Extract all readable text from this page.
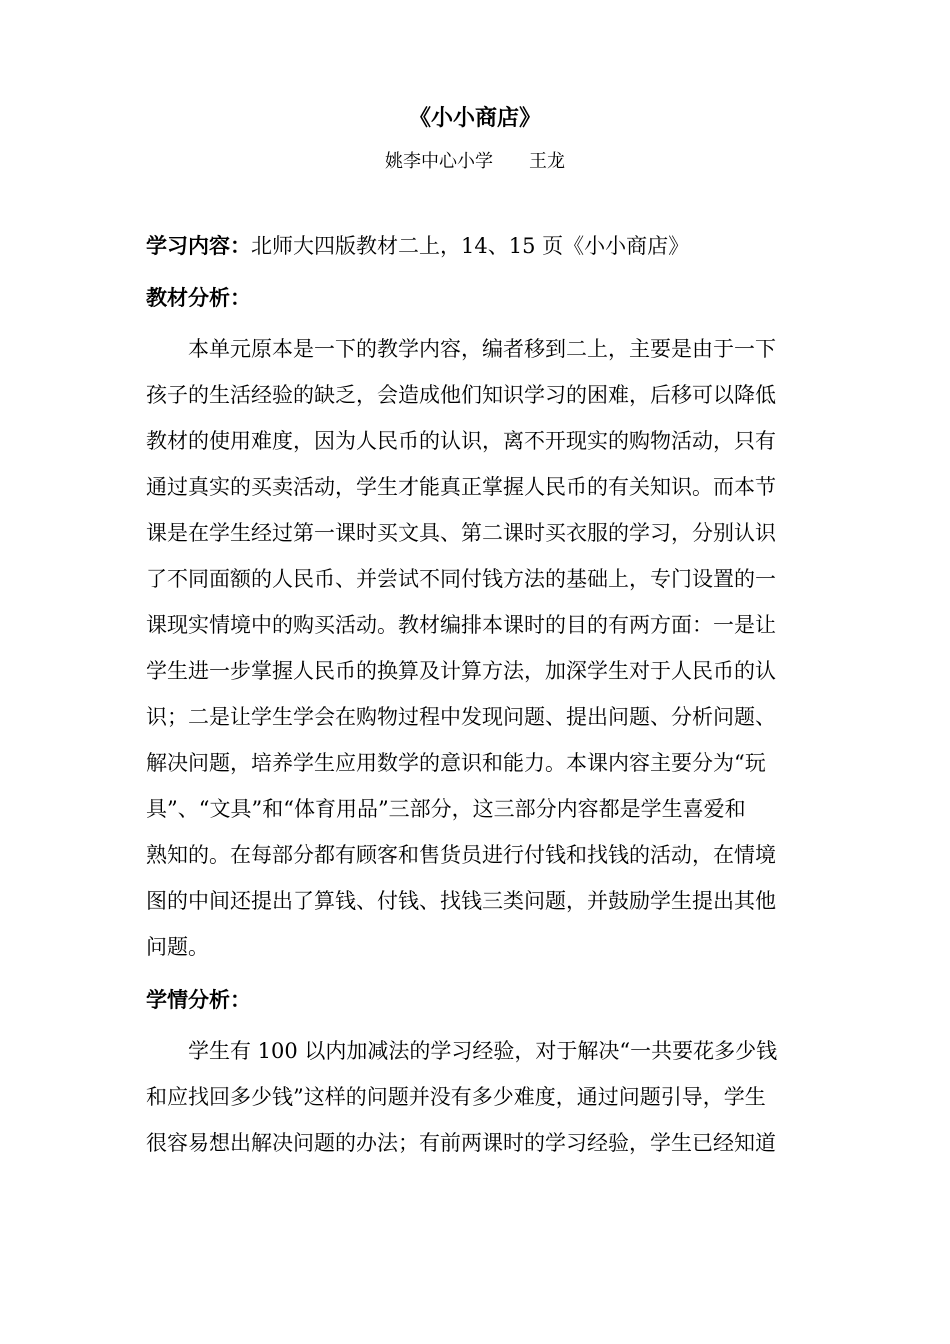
《小小商店》
姚李中心小学　　王龙
学习内容：北师大四版教材二上，14、15 页《小小商店》
教材分析：
本单元原本是一下的教学内容，编者移到二上，主要是由于一下
孩子的生活经验的缺乏，会造成他们知识学习的困难，后移可以降低
教材的使用难度，因为人民币的认识，离不开现实的购物活动，只有
通过真实的买卖活动，学生才能真正掌握人民币的有关知识。而本节
课是在学生经过第一课时买文具、第二课时买衣服的学习，分别认识
了不同面额的人民币、并尝试不同付钱方法的基础上，专门设置的一
课现实情境中的购买活动。教材编排本课时的目的有两方面：一是让
学生进一步掌握人民币的换算及计算方法，加深学生对于人民币的认
识；二是让学生学会在购物过程中发现问题、提出问题、分析问题、
解决问题，培养学生应用数学的意识和能力。本课内容主要分为“玩
具”、“文具”和“体育用品”三部分，这三部分内容都是学生喜爱和
熟知的。在每部分都有顾客和售货员进行付钱和找钱的活动，在情境
图的中间还提出了算钱、付钱、找钱三类问题，并鼓励学生提出其他
问题。
学情分析：
学生有 100 以内加减法的学习经验，对于解决“一共要花多少钱
和应找回多少钱”这样的问题并没有多少难度，通过问题引导，学生
很容易想出解决问题的办法；有前两课时的学习经验，学生已经知道
